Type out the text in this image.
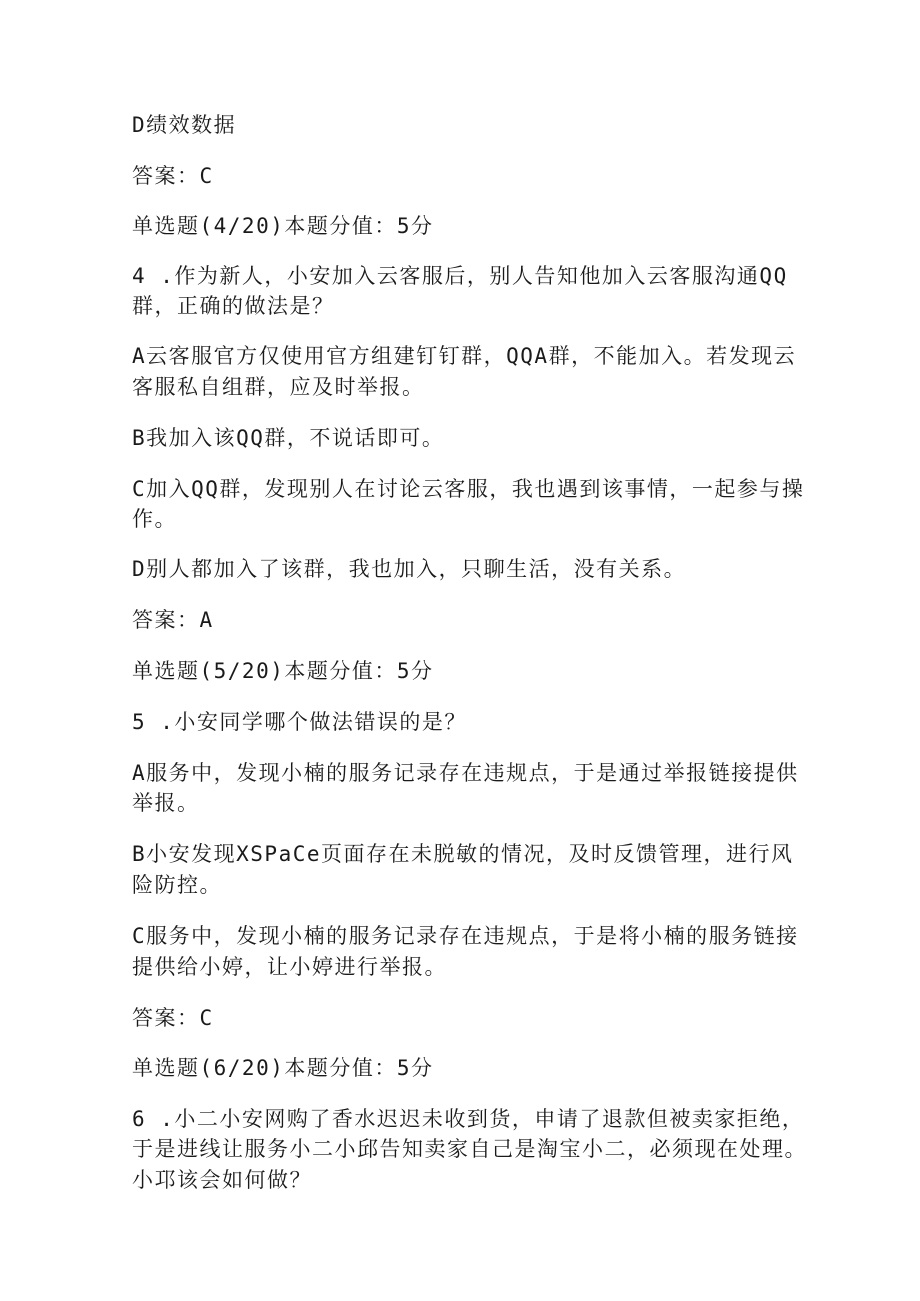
D绩效数据

答案：C

单选题(4/20)本题分值：5分

4 .作为新人，小安加入云客服后，别人告知他加入云客服沟通QQ

群，正确的做法是？

A云客服官方仅使用官方组建钉钉群，QQA群，不能加入。若发现云

客服私自组群，应及时举报。

B我加入该QQ群，不说话即可。

C加入QQ群，发现别人在讨论云客服，我也遇到该事情，一起参与操

作。

D别人都加入了该群，我也加入，只聊生活，没有关系。

答案：A

单选题(5/20)本题分值：5分

5 .小安同学哪个做法错误的是？

A服务中，发现小楠的服务记录存在违规点，于是通过举报链接提供

举报。

B小安发现XSPaCe页面存在未脱敏的情况，及时反馈管理，进行风

险防控。

C服务中，发现小楠的服务记录存在违规点，于是将小楠的服务链接

提供给小婷，让小婷进行举报。

答案：C

单选题(6/20)本题分值：5分

6 .小二小安网购了香水迟迟未收到货，申请了退款但被卖家拒绝，

于是进线让服务小二小邱告知卖家自己是淘宝小二，必须现在处理。

小邛该会如何做？
